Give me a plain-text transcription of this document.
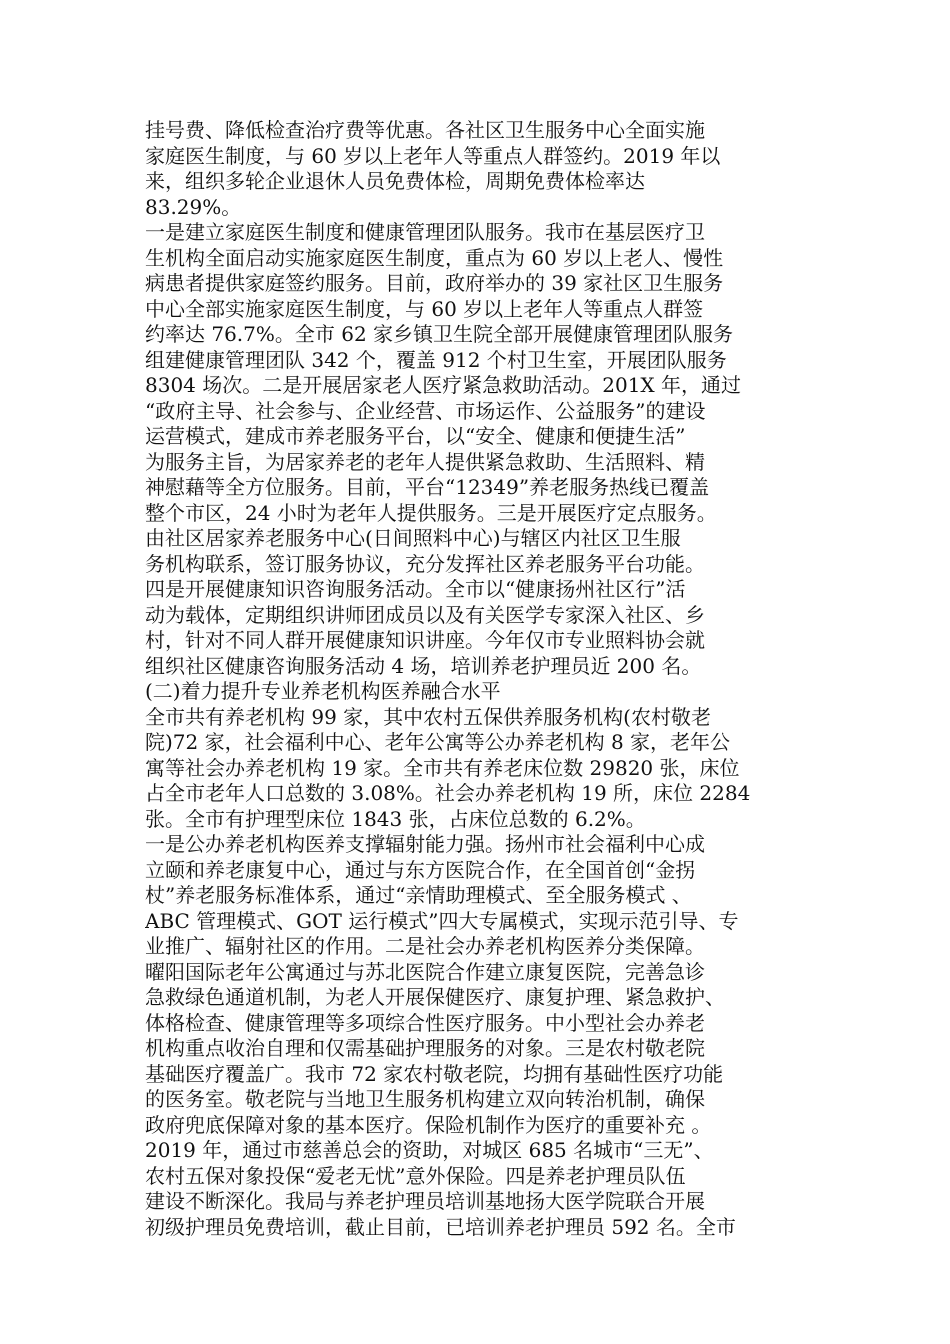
挂号费、降低检查治疗费等优惠。各社区卫生服务中心全面实施
家庭医生制度，与 60 岁以上老年人等重点人群签约。2019 年以
来，组织多轮企业退休人员免费体检，周期免费体检率达
83.29%。
一是建立家庭医生制度和健康管理团队服务。我市在基层医疗卫
生机构全面启动实施家庭医生制度，重点为 60 岁以上老人、慢性
病患者提供家庭签约服务。目前，政府举办的 39 家社区卫生服务
中心全部实施家庭医生制度，与 60 岁以上老年人等重点人群签
约率达 76.7%。全市 62 家乡镇卫生院全部开展健康管理团队服务
组建健康管理团队 342 个，覆盖 912 个村卫生室，开展团队服务
8304 场次。二是开展居家老人医疗紧急救助活动。201X 年，通过
“政府主导、社会参与、企业经营、市场运作、公益服务”的建设
运营模式，建成市养老服务平台，以“安全、健康和便捷生活”
为服务主旨，为居家养老的老年人提供紧急救助、生活照料、精
神慰藉等全方位服务。目前，平台“12349”养老服务热线已覆盖
整个市区，24 小时为老年人提供服务。三是开展医疗定点服务。
由社区居家养老服务中心(日间照料中心)与辖区内社区卫生服
务机构联系，签订服务协议，充分发挥社区养老服务平台功能。
四是开展健康知识咨询服务活动。全市以“健康扬州社区行”活
动为载体，定期组织讲师团成员以及有关医学专家深入社区、乡
村，针对不同人群开展健康知识讲座。今年仅市专业照料协会就
组织社区健康咨询服务活动 4 场，培训养老护理员近 200 名。
(二)着力提升专业养老机构医养融合水平
全市共有养老机构 99 家，其中农村五保供养服务机构(农村敬老
院)72 家，社会福利中心、老年公寓等公办养老机构 8 家，老年公
寓等社会办养老机构 19 家。全市共有养老床位数 29820 张，床位
占全市老年人口总数的 3.08%。社会办养老机构 19 所，床位 2284
张。全市有护理型床位 1843 张，占床位总数的 6.2%。
一是公办养老机构医养支撑辐射能力强。扬州市社会福利中心成
立颐和养老康复中心，通过与东方医院合作，在全国首创“金拐
杖”养老服务标准体系，通过“亲情助理模式、至全服务模式 、
ABC 管理模式、GOT 运行模式”四大专属模式，实现示范引导、专
业推广、辐射社区的作用。二是社会办养老机构医养分类保障。
曜阳国际老年公寓通过与苏北医院合作建立康复医院，完善急诊
急救绿色通道机制，为老人开展保健医疗、康复护理、紧急救护、
体格检查、健康管理等多项综合性医疗服务。中小型社会办养老
机构重点收治自理和仅需基础护理服务的对象。三是农村敬老院
基础医疗覆盖广。我市 72 家农村敬老院，均拥有基础性医疗功能
的医务室。敬老院与当地卫生服务机构建立双向转治机制，确保
政府兜底保障对象的基本医疗。保险机制作为医疗的重要补充 。
2019 年，通过市慈善总会的资助，对城区 685 名城市“三无”、
农村五保对象投保“爱老无忧”意外保险。四是养老护理员队伍
建设不断深化。我局与养老护理员培训基地扬大医学院联合开展
初级护理员免费培训，截止目前，已培训养老护理员 592 名。全市
